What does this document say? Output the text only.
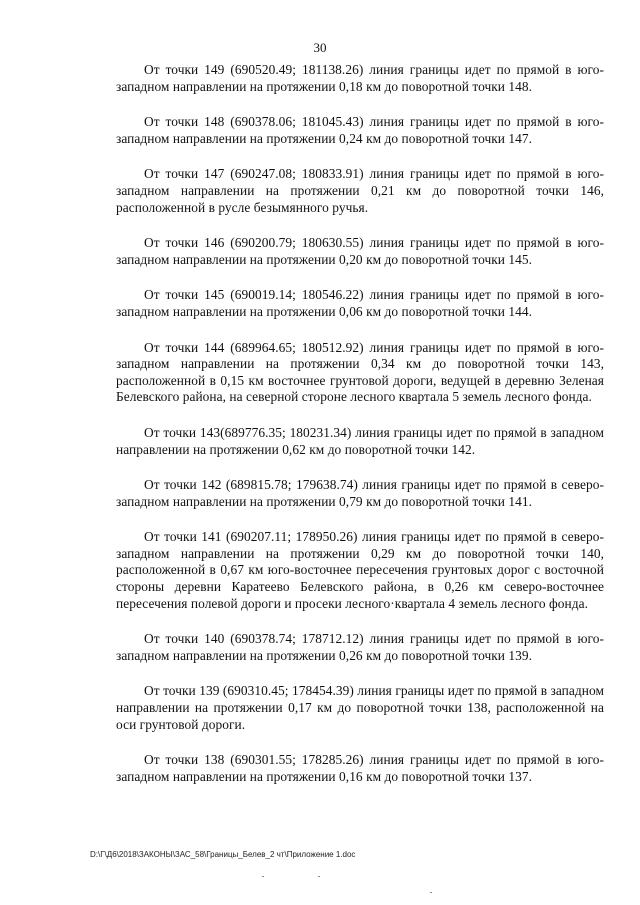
30

От точки 149 (690520.49; 181138.26) линия границы идет по прямой в юго-западном направлении на протяжении 0,18 км до поворотной точки 148.

От точки 148 (690378.06; 181045.43) линия границы идет по прямой в юго-западном направлении на протяжении 0,24 км до поворотной точки 147.

От точки 147 (690247.08; 180833.91) линия границы идет по прямой в юго-западном направлении на протяжении 0,21 км до поворотной точки 146, расположенной в русле безымянного ручья.

От точки 146 (690200.79; 180630.55) линия границы идет по прямой в юго-западном направлении на протяжении 0,20 км до поворотной точки 145.

От точки 145 (690019.14; 180546.22) линия границы идет по прямой в юго-западном направлении на протяжении 0,06 км до поворотной точки 144.

От точки 144 (689964.65; 180512.92) линия границы идет по прямой в юго-западном направлении на протяжении 0,34 км до поворотной точки 143, расположенной в 0,15 км восточнее грунтовой дороги, ведущей в деревню Зеленая Белевского района, на северной стороне лесного квартала 5 земель лесного фонда.

От точки 143(689776.35; 180231.34) линия границы идет по прямой в западном направлении на протяжении 0,62 км до поворотной точки 142.

От точки 142 (689815.78; 179638.74) линия границы идет по прямой в северо-западном направлении на протяжении 0,79 км до поворотной точки 141.

От точки 141 (690207.11; 178950.26) линия границы идет по прямой в северо-западном направлении на протяжении 0,29 км до поворотной точки 140, расположенной в 0,67 км юго-восточнее пересечения грунтовых дорог с восточной стороны деревни Каратеево Белевского района, в 0,26 км северо-восточнее пересечения полевой дороги и просеки лесного·квартала 4 земель лесного фонда.

От точки 140 (690378.74; 178712.12) линия границы идет по прямой в юго-западном направлении на протяжении 0,26 км до поворотной точки 139.

От точки 139 (690310.45; 178454.39) линия границы идет по прямой в западном направлении на протяжении 0,17 км до поворотной точки 138, расположенной на оси грунтовой дороги.

От точки 138 (690301.55; 178285.26) линия границы идет по прямой в юго-западном направлении на протяжении 0,16 км до поворотной точки 137.

D:\Г\Д6\2018\ЗАКОНЫ\ЗАС_58\Границы_Белев_2 чт\Приложение 1.doc
